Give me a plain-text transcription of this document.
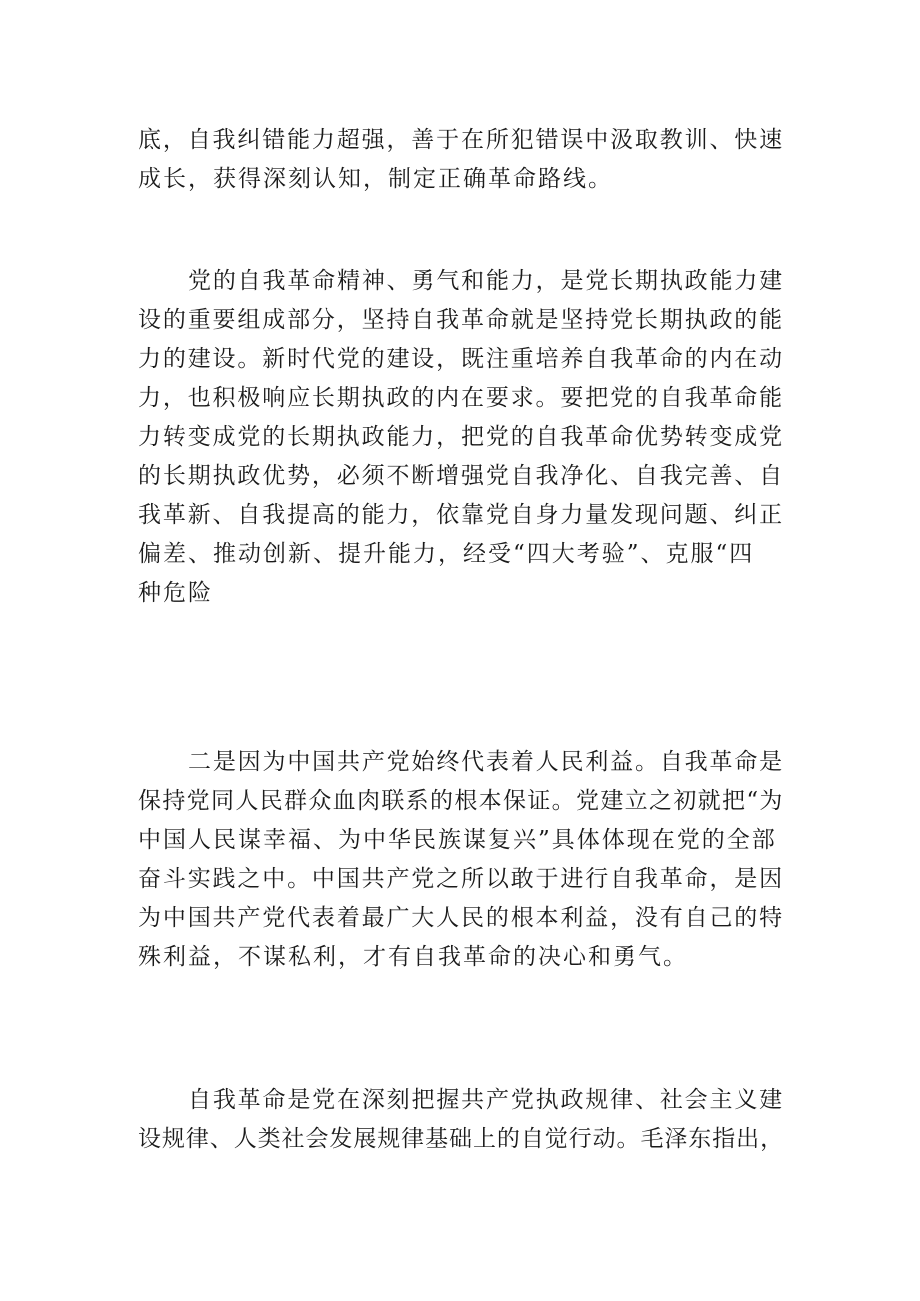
底，自我纠错能力超强，善于在所犯错误中汲取教训、快速
成长，获得深刻认知，制定正确革命路线。

党的自我革命精神、勇气和能力，是党长期执政能力建
设的重要组成部分，坚持自我革命就是坚持党长期执政的能
力的建设。新时代党的建设，既注重培养自我革命的内在动
力，也积极响应长期执政的内在要求。要把党的自我革命能
力转变成党的长期执政能力，把党的自我革命优势转变成党
的长期执政优势，必须不断增强党自我净化、自我完善、自
我革新、自我提高的能力，依靠党自身力量发现问题、纠正
偏差、推动创新、提升能力，经受“四大考验”、克服“四
种危险

二是因为中国共产党始终代表着人民利益。自我革命是
保持党同人民群众血肉联系的根本保证。党建立之初就把“为
中国人民谋幸福、为中华民族谋复兴”具体体现在党的全部
奋斗实践之中。中国共产党之所以敢于进行自我革命，是因
为中国共产党代表着最广大人民的根本利益，没有自己的特
殊利益，不谋私利，才有自我革命的决心和勇气。

自我革命是党在深刻把握共产党执政规律、社会主义建
设规律、人类社会发展规律基础上的自觉行动。毛泽东指出，
